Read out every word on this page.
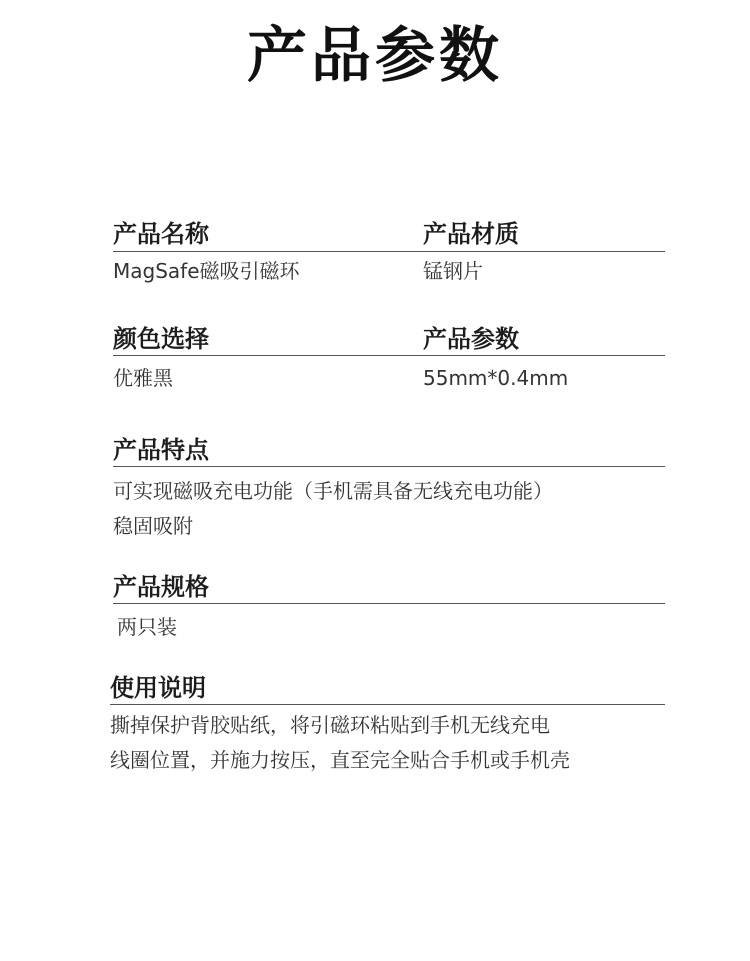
产品参数
产品名称	产品材质
MagSafe磁吸引磁环	锰钢片
颜色选择	产品参数
优雅黑	55mm*0.4mm
产品特点
可实现磁吸充电功能（手机需具备无线充电功能）
稳固吸附
产品规格
两只装
使用说明
撕掉保护背胶贴纸，将引磁环粘贴到手机无线充电
线圈位置，并施力按压，直至完全贴合手机或手机壳
